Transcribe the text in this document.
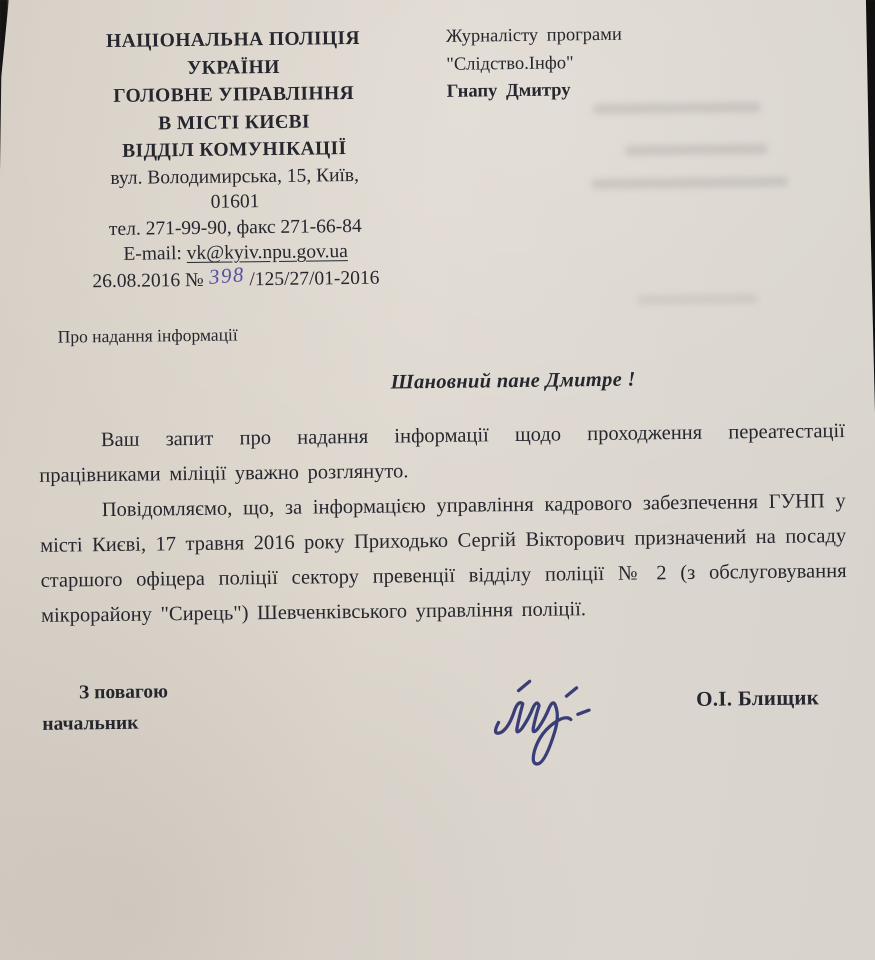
НАЦІОНАЛЬНА ПОЛІЦІЯ
УКРАЇНИ
ГОЛОВНЕ УПРАВЛІННЯ
В МІСТІ КИЄВІ
ВІДДІЛ КОМУНІКАЦІЇ
вул. Володимирська, 15, Київ,
01601
тел. 271-99-90, факс 271-66-84
E-mail: vk@kyiv.npu.gov.ua
26.08.2016 № 398 /125/27/01-2016
Журналісту програми
"Слідство.Інфо"
Гнапу Дмитру
Про надання інформації
Шановний пане Дмитре !

Ваш запит про надання інформації щодо проходження переатестації працівниками міліції уважно розглянуто.

Повідомляємо, що, за інформацією управління кадрового забезпечення ГУНП у місті Києві, 17 травня 2016 року Приходько Сергій Вікторович призначений на посаду старшого офіцера поліції сектору превенції відділу поліції № 2 (з обслуговування мікрорайону "Сирець") Шевченківського управління поліції.

З повагою
начальник
О.І. Блищик
